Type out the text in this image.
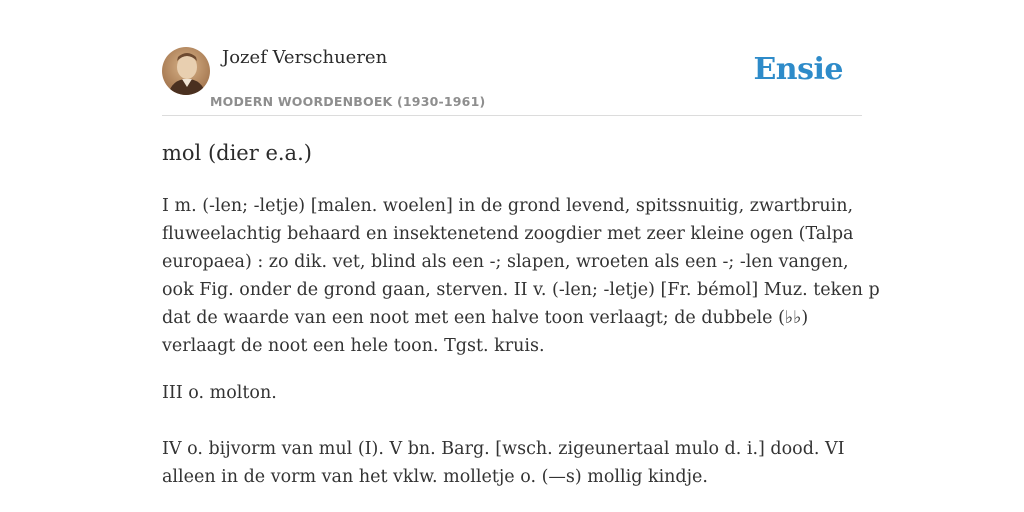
Jozef Verschueren
MODERN WOORDENBOEK (1930-1961)
Ensie
mol (dier e.a.)
I m. (-len; -letje) [malen. woelen] in de grond levend, spitssnuitig, zwartbruin,
fluweelachtig behaard en insektenetend zoogdier met zeer kleine ogen (Talpa
europaea) : zo dik. vet, blind als een -; slapen, wroeten als een -; -len vangen,
ook Fig. onder de grond gaan, sterven. II v. (-len; -letje) [Fr. bémol] Muz. teken p
dat de waarde van een noot met een halve toon verlaagt; de dubbele (♭♭)
verlaagt de noot een hele toon. Tgst. kruis.
III o. molton.
IV o. bijvorm van mul (I). V bn. Barg. [wsch. zigeunertaal mulo d. i.] dood. VI
alleen in de vorm van het vklw. molletje o. (—s) mollig kindje.
